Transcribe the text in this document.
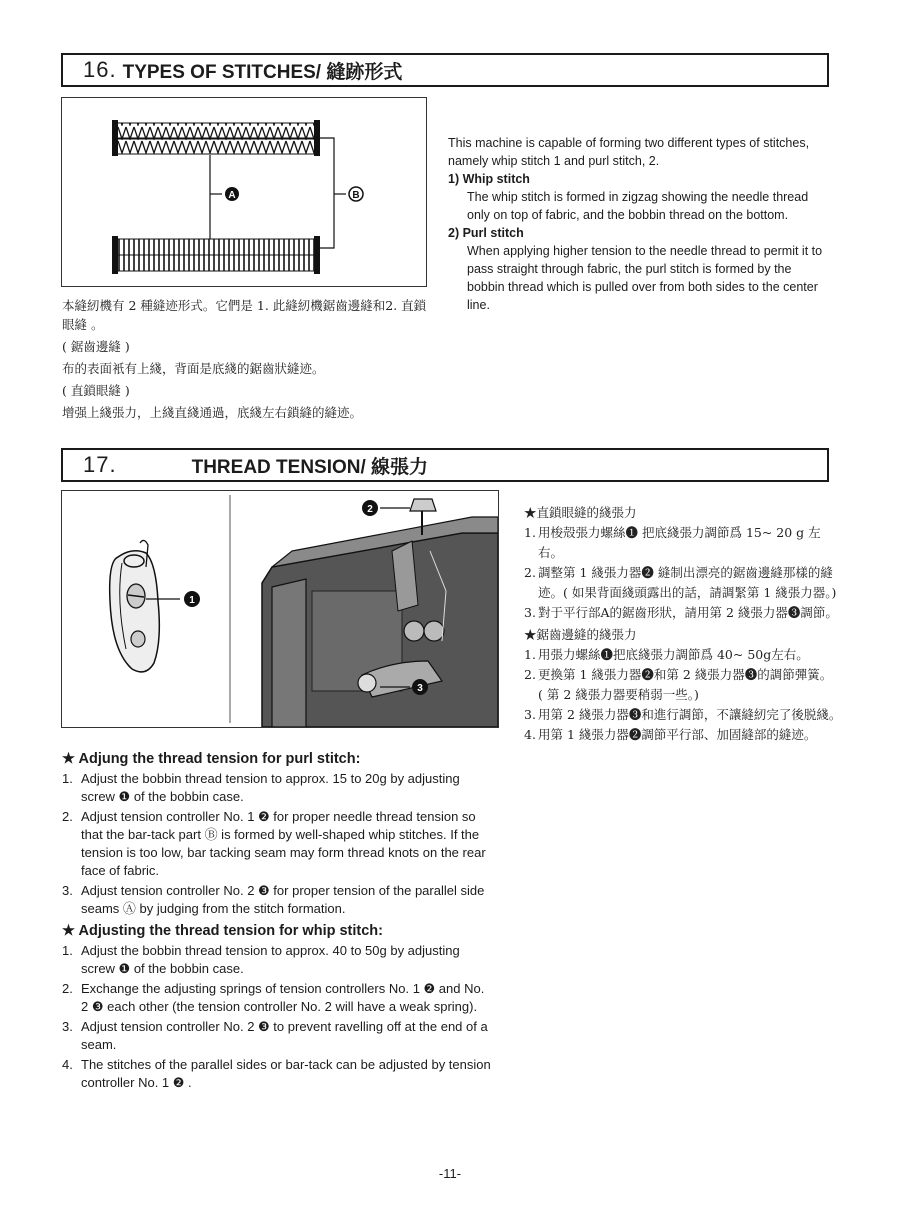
16. TYPES OF STITCHES/ 縫跡形式
A	B

This machine is capable of forming two different types of stitches, namely whip stitch 1 and purl stitch, 2.

1) Whip stitch

The whip stitch is formed in zigzag showing the needle thread only on top of fabric, and the bobbin thread on the bottom.

2) Purl stitch

When applying higher tension to the needle thread to permit it to pass straight through fabric, the purl stitch is formed by the bobbin thread which is pulled over from both sides to the center line.

本縫紉機有 2 種縫迹形式。它們是 1. 此縫紉機鋸齒邊縫和2. 直鎖眼縫 。

( 鋸齒邊縫 )

布的表面衹有上綫，背面是底綫的鋸齒狀縫迹。

( 直鎖眼縫 )

增强上綫張力，上綫直綫通過，底綫左右鎖縫的縫迹。

17.	THREAD TENSION/ 線張力
1
2
3

★直鎖眼縫的綫張力

1. 用梭殻張力螺絲❶ 把底綫張力調節爲 15~ 20 g 左右。
2. 調整第 1 綫張力器❷ 縫制出漂亮的鋸齒邊縫那樣的縫迹。( 如果背面綫頭露出的話，請調緊第 1 綫張力器。)
3. 對于平行部A的鋸齒形狀，請用第 2 綫張力器❸調節。

★鋸齒邊縫的綫張力

1. 用張力螺絲❶把底綫張力調節爲 40~ 50g左右。
2. 更換第 1 綫張力器❷和第 2 綫張力器❸的調節彈簧。
( 第 2 綫張力器要稍弱一些。)
3. 用第 2 綫張力器❸和進行調節，不讓縫紉完了後脱綫。
4. 用第 1 綫張力器❷調節平行部、加固縫部的縫迹。

★ Adjung the thread tension for purl stitch:

1. Adjust the bobbin thread tension to approx. 15 to 20g by adjusting screw ❶ of the bobbin case.
2. Adjust tension controller No. 1 ❷ for proper needle thread tension so that the bar-tack part Ⓑ is formed by well-shaped whip stitches. If the tension is too low, bar tacking seam may form thread knots on the rear face of fabric.
3. Adjust tension controller No. 2 ❸ for proper tension of the parallel side seams Ⓐ by judging from the stitch formation.

★ Adjusting the thread tension for whip stitch:

1. Adjust the bobbin thread tension to approx. 40 to 50g by adjusting screw ❶ of the bobbin case.
2. Exchange the adjusting springs of tension controllers No. 1 ❷ and No. 2 ❸ each other (the tension controller No. 2 will have a weak spring).
3. Adjust tension controller No. 2 ❸ to prevent ravelling off at the end of a seam.
4. The stitches of the parallel sides or bar-tack can be adjusted by tension controller No. 1 ❷ .
-11-
